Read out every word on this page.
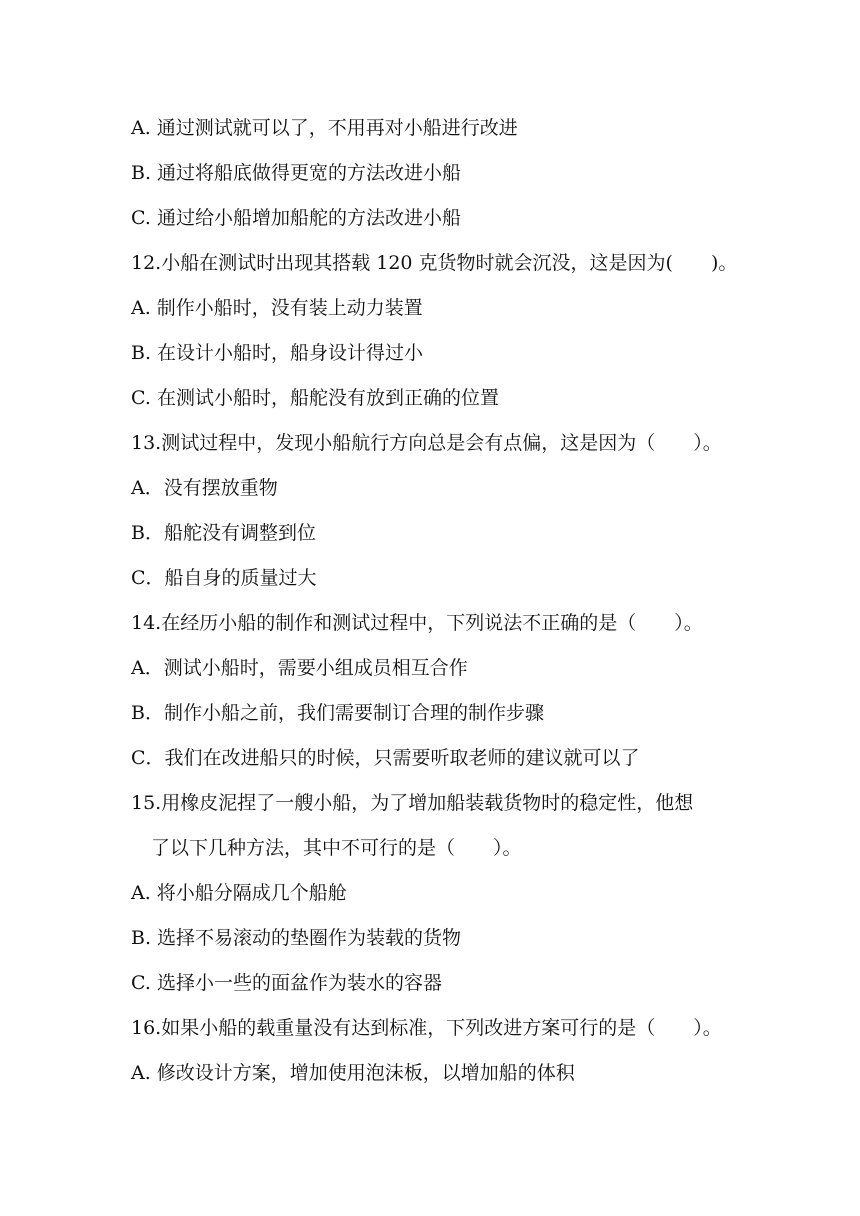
A. 通过测试就可以了，不用再对小船进行改进
B. 通过将船底做得更宽的方法改进小船
C. 通过给小船增加船舵的方法改进小船
12.小船在测试时出现其搭载 120 克货物时就会沉没，这是因为(　　)。
A. 制作小船时，没有装上动力装置
B. 在设计小船时，船身设计得过小
C. 在测试小船时，船舵没有放到正确的位置
13.测试过程中，发现小船航行方向总是会有点偏，这是因为（　　）。
A．没有摆放重物
B．船舵没有调整到位
C．船自身的质量过大
14.在经历小船的制作和测试过程中，下列说法不正确的是（　　）。
A．测试小船时，需要小组成员相互合作
B．制作小船之前，我们需要制订合理的制作步骤
C．我们在改进船只的时候，只需要听取老师的建议就可以了
15.用橡皮泥捏了一艘小船，为了增加船装载货物时的稳定性，他想
了以下几种方法，其中不可行的是（　　）。
A. 将小船分隔成几个船舱
B. 选择不易滚动的垫圈作为装载的货物
C. 选择小一些的面盆作为装水的容器
16.如果小船的载重量没有达到标准，下列改进方案可行的是（　　）。
A. 修改设计方案，增加使用泡沫板，以增加船的体积
